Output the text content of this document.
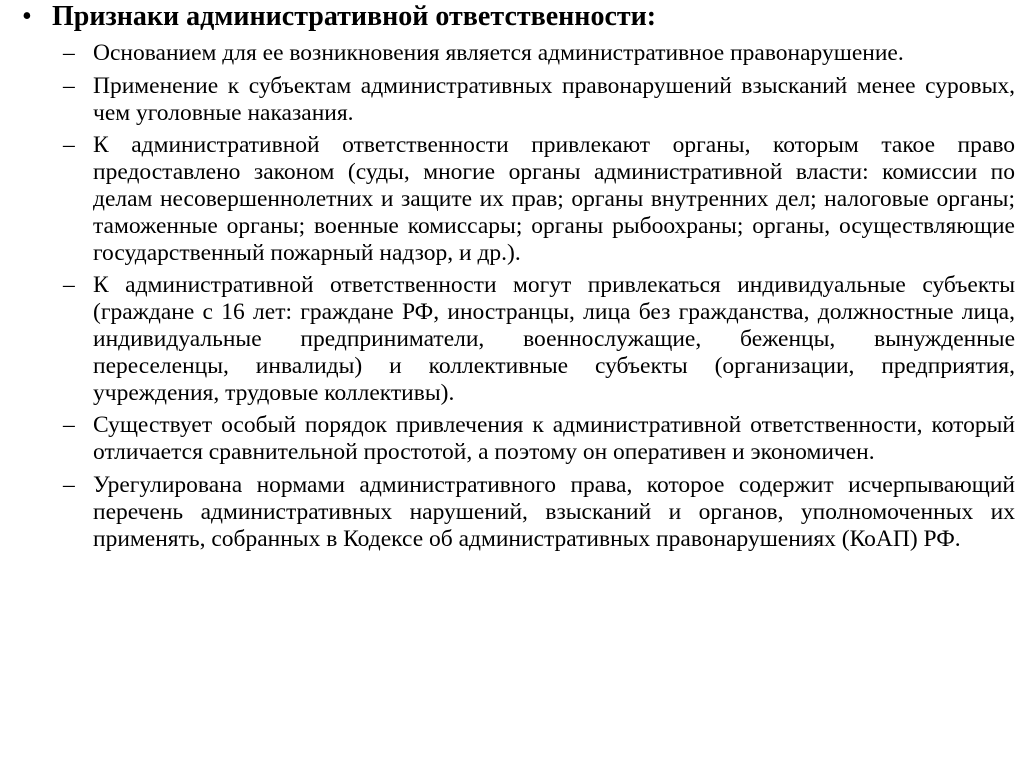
• Признаки административной ответственности:
– Основанием для ее возникновения является административное правонарушение.
– Применение к субъектам административных правонарушений взысканий менее суровых, чем уголовные наказания.
– К административной ответственности привлекают органы, которым такое право предоставлено законом (суды, многие органы административной власти: комиссии по делам несовершеннолетних и защите их прав; органы внутренних дел; налоговые органы; таможенные органы; военные комиссары; органы рыбоохраны; органы, осуществляющие государственный пожарный надзор, и др.).
– К административной ответственности могут привлекаться индивидуальные субъекты (граждане с 16 лет: граждане РФ, иностранцы, лица без гражданства, должностные лица, индивидуальные предприниматели, военнослужащие, беженцы, вынужденные переселенцы, инвалиды) и коллективные субъекты (организации, предприятия, учреждения, трудовые коллективы).
– Существует особый порядок привлечения к административной ответственности, который отличается сравнительной простотой, а поэтому он оперативен и экономичен.
– Урегулирована нормами административного права, которое содержит исчерпывающий перечень административных нарушений, взысканий и органов, уполномоченных их применять, собранных в Кодексе об административных правонарушениях (КоАП) РФ.
